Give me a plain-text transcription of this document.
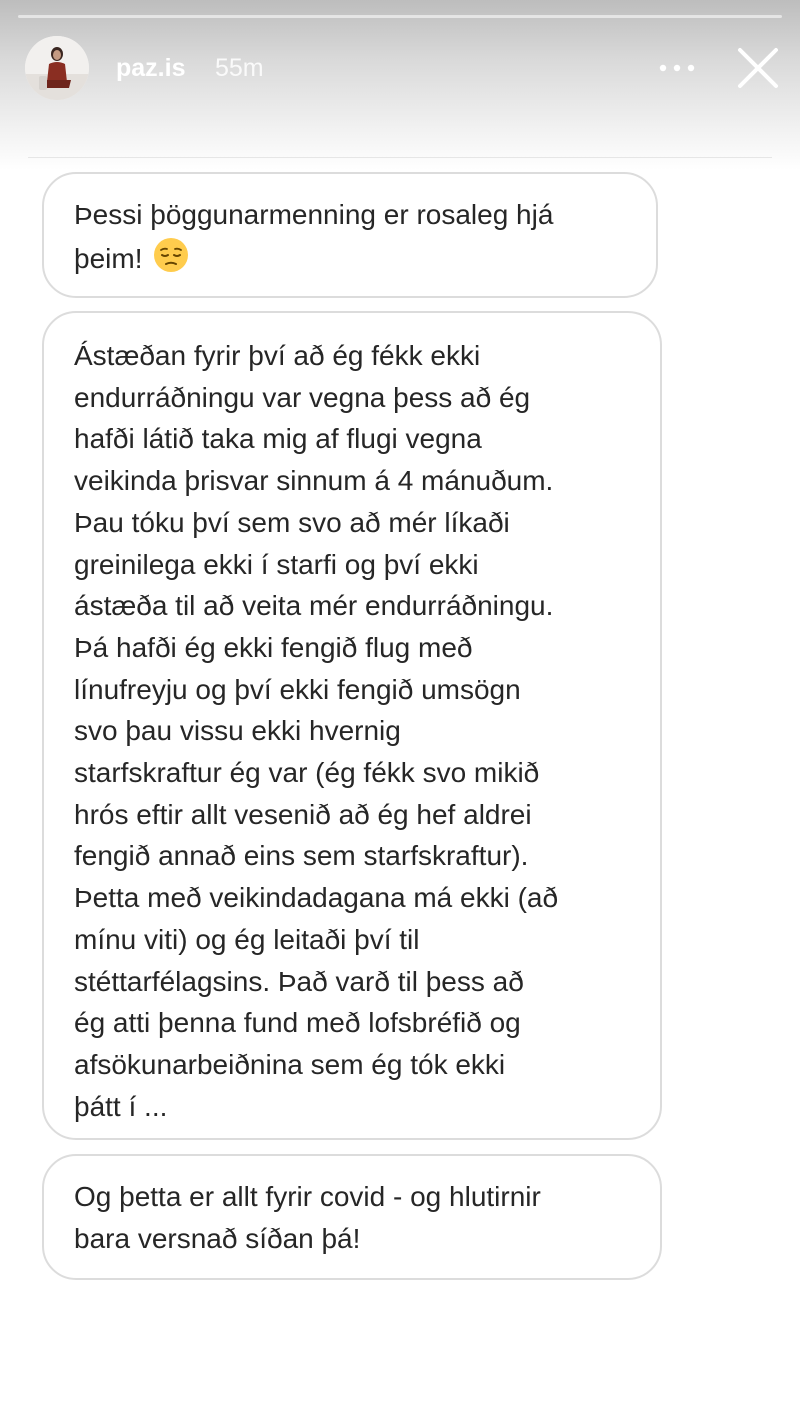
paz.is 55m
Þessi þöggunarmenning er rosaleg hjá
þeim!
Ástæðan fyrir því að ég fékk ekki
endurráðningu var vegna þess að ég
hafði látið taka mig af flugi vegna
veikinda þrisvar sinnum á 4 mánuðum.
Þau tóku því sem svo að mér líkaði
greinilega ekki í starfi og því ekki
ástæða til að veita mér endurráðningu.
Þá hafði ég ekki fengið flug með
línufreyju og því ekki fengið umsögn
svo þau vissu ekki hvernig
starfskraftur ég var (ég fékk svo mikið
hrós eftir allt vesenið að ég hef aldrei
fengið annað eins sem starfskraftur).
Þetta með veikindadagana má ekki (að
mínu viti) og ég leitaði því til
stéttarfélagsins. Það varð til þess að
ég atti þenna fund með lofsbréfið og
afsökunarbeiðnina sem ég tók ekki
þátt í ...
Og þetta er allt fyrir covid - og hlutirnir
bara versnað síðan þá!
